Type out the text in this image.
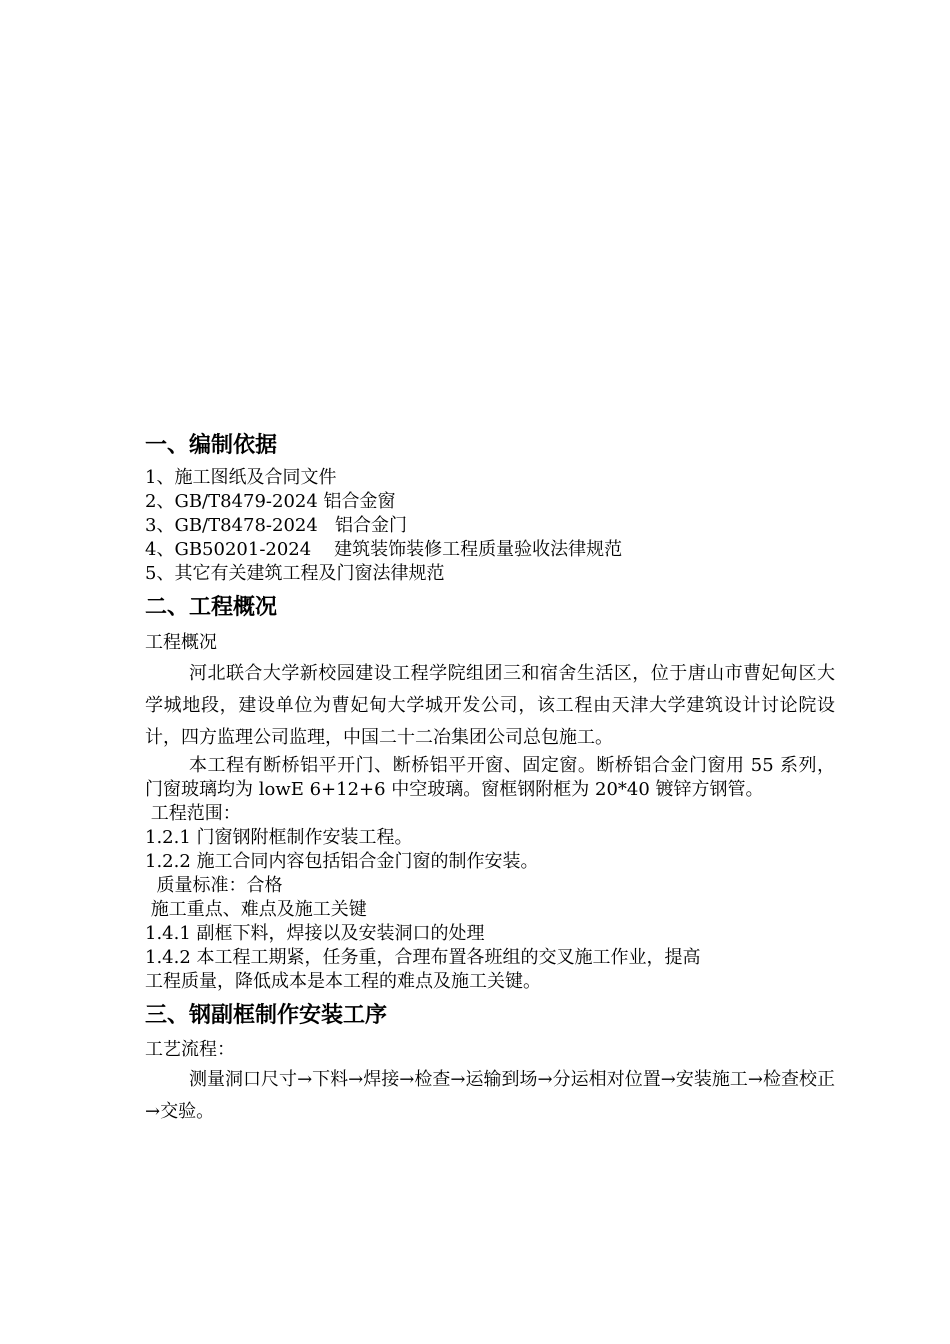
一、编制依据
1、施工图纸及合同文件
2、GB/T8479-2024 铝合金窗
3、GB/T8478-2024   铝合金门
4、GB50201-2024    建筑装饰装修工程质量验收法律规范
5、其它有关建筑工程及门窗法律规范
二、工程概况
工程概况

河北联合大学新校园建设工程学院组团三和宿舍生活区，位于唐山市曹妃甸区大学城地段，建设单位为曹妃甸大学城开发公司，该工程由天津大学建筑设计讨论院设计，四方监理公司监理，中国二十二冶集团公司总包施工。

本工程有断桥铝平开门、断桥铝平开窗、固定窗。断桥铝合金门窗用 55 系列，门窗玻璃均为 lowE 6+12+6 中空玻璃。窗框钢附框为 20*40 镀锌方钢管。

工程范围：
1.2.1 门窗钢附框制作安装工程。
1.2.2 施工合同内容包括铝合金门窗的制作安装。
质量标准：合格
施工重点、难点及施工关键
1.4.1 副框下料，焊接以及安装洞口的处理
1.4.2 本工程工期紧，任务重，合理布置各班组的交叉施工作业，提高
工程质量，降低成本是本工程的难点及施工关键。
三、钢副框制作安装工序
工艺流程：

测量洞口尺寸→下料→焊接→检查→运输到场→分运相对位置→安装施工→检查校正→交验。
